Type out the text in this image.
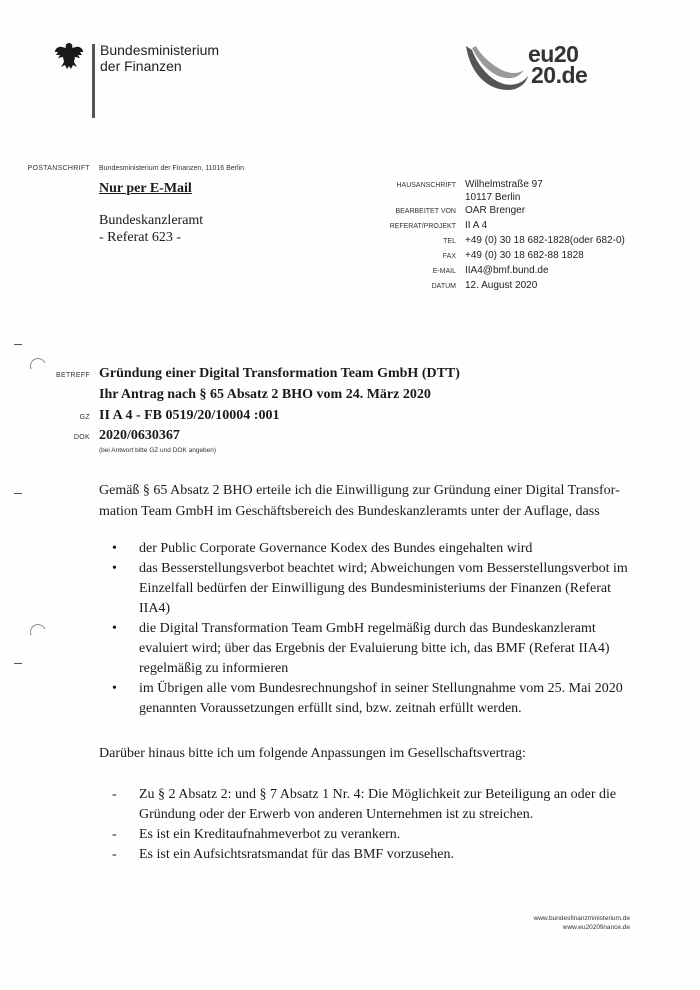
Bundesministerium
der Finanzen	eu20
20.de
POSTANSCHRIFT Bundesministerium der Finanzen, 11016 Berlin
Nur per E-Mail
Bundeskanzleramt
- Referat 623 -
HAUSANSCHRIFT
BEARBEITET VON
REFERAT/PROJEKT
TEL
FAX
E-MAIL
DATUM
Wilhelmstraße 97
10117 Berlin
OAR Brenger
II A 4
+49 (0) 30 18 682-1828(oder 682-0)
+49 (0) 30 18 682-88 1828
IIA4@bmf.bund.de
12. August 2020
BETREFF Gründung einer Digital Transformation Team GmbH (DTT)
Ihr Antrag nach § 65 Absatz 2 BHO vom 24. März 2020
GZ II A 4 - FB 0519/20/10004 :001
DOK 2020/0630367
(bei Antwort bitte GZ und DOK angeben)
Gemäß § 65 Absatz 2 BHO erteile ich die Einwilligung zur Gründung einer Digital Transfor-
mation Team GmbH im Geschäftsbereich des Bundeskanzleramts unter der Auflage, dass
• der Public Corporate Governance Kodex des Bundes eingehalten wird
• das Besserstellungsverbot beachtet wird; Abweichungen vom Besserstellungsverbot im Einzelfall bedürfen der Einwilligung des Bundesministeriums der Finanzen (Referat IIA4)
• die Digital Transformation Team GmbH regelmäßig durch das Bundeskanzleramt evaluiert wird; über das Ergebnis der Evaluierung bitte ich, das BMF (Referat IIA4) regelmäßig zu informieren
• im Übrigen alle vom Bundesrechnungshof in seiner Stellungnahme vom 25. Mai 2020 genannten Voraussetzungen erfüllt sind, bzw. zeitnah erfüllt werden.
Darüber hinaus bitte ich um folgende Anpassungen im Gesellschaftsvertrag:
- Zu § 2 Absatz 2: und § 7 Absatz 1 Nr. 4: Die Möglichkeit zur Beteiligung an oder die Gründung oder der Erwerb von anderen Unternehmen ist zu streichen.
- Es ist ein Kreditaufnahmeverbot zu verankern.
- Es ist ein Aufsichtsratsmandat für das BMF vorzusehen.
www.bundesfinanzministerium.de
www.eu2020finance.de
